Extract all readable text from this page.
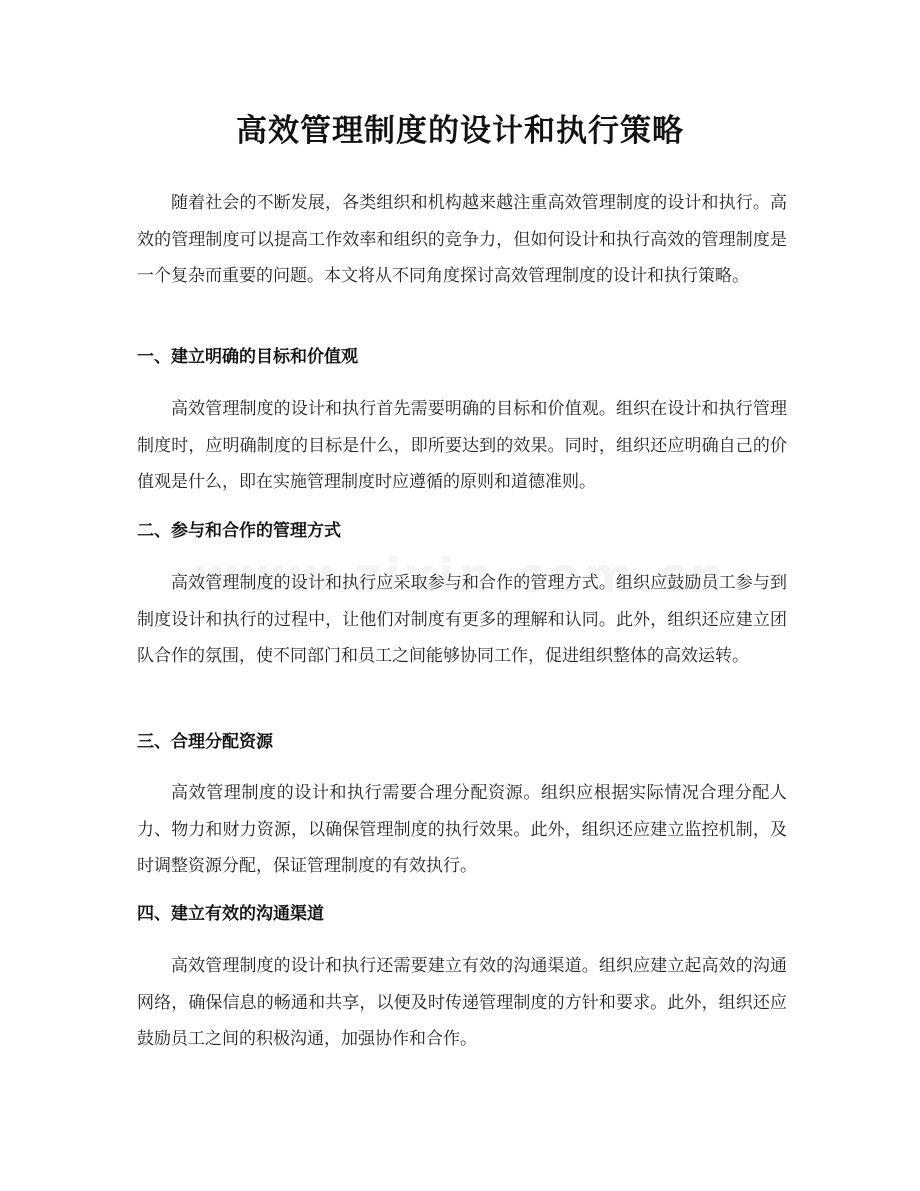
高效管理制度的设计和执行策略

随着社会的不断发展，各类组织和机构越来越注重高效管理制度的设计和执行。高效的管理制度可以提高工作效率和组织的竞争力，但如何设计和执行高效的管理制度是一个复杂而重要的问题。本文将从不同角度探讨高效管理制度的设计和执行策略。

一、建立明确的目标和价值观

高效管理制度的设计和执行首先需要明确的目标和价值观。组织在设计和执行管理制度时，应明确制度的目标是什么，即所要达到的效果。同时，组织还应明确自己的价值观是什么，即在实施管理制度时应遵循的原则和道德准则。

二、参与和合作的管理方式

高效管理制度的设计和执行应采取参与和合作的管理方式。组织应鼓励员工参与到制度设计和执行的过程中，让他们对制度有更多的理解和认同。此外，组织还应建立团队合作的氛围，使不同部门和员工之间能够协同工作，促进组织整体的高效运转。

三、合理分配资源

高效管理制度的设计和执行需要合理分配资源。组织应根据实际情况合理分配人力、物力和财力资源，以确保管理制度的执行效果。此外，组织还应建立监控机制，及时调整资源分配，保证管理制度的有效执行。

四、建立有效的沟通渠道

高效管理制度的设计和执行还需要建立有效的沟通渠道。组织应建立起高效的沟通网络，确保信息的畅通和共享，以便及时传递管理制度的方针和要求。此外，组织还应鼓励员工之间的积极沟通，加强协作和合作。
